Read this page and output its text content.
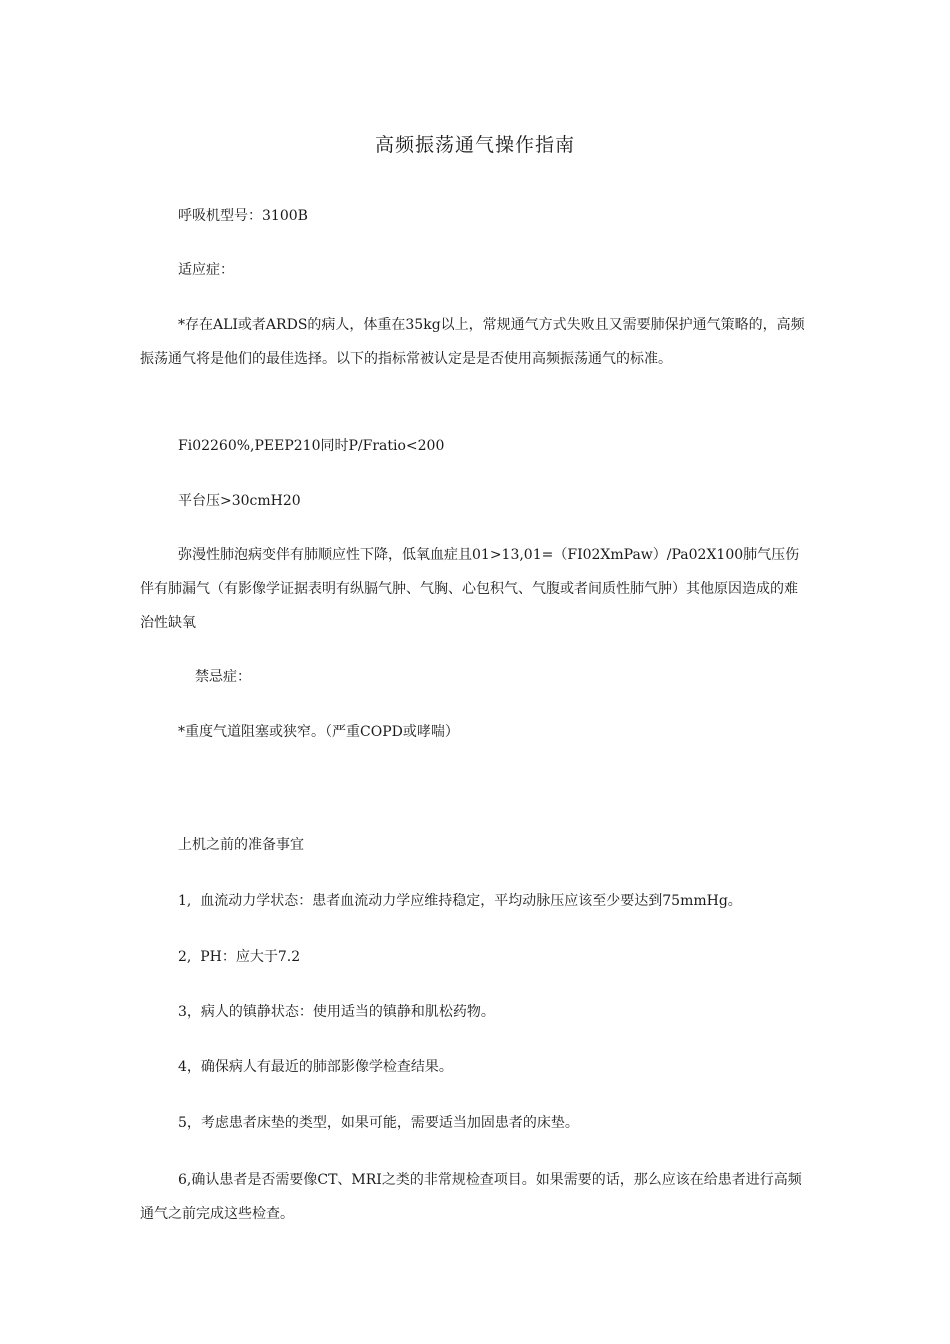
高频振荡通气操作指南

呼吸机型号：3100B

适应症：

*存在ALI或者ARDS的病人，体重在35kg以上，常规通气方式失败且又需要肺保护通气策略的，高频振荡通气将是他们的最佳选择。以下的指标常被认定是是否使用高频振荡通气的标准。

Fi02260%,PEEP210同时P/Fratio<200

平台压>30cmH20

弥漫性肺泡病变伴有肺顺应性下降，低氧血症且01>13,01=（FI02XmPaw）/Pa02X100肺气压伤伴有肺漏气（有影像学证据表明有纵膈气肿、气胸、心包积气、气腹或者间质性肺气肿）其他原因造成的难治性缺氧

禁忌症：

*重度气道阻塞或狭窄。（严重COPD或哮喘）

上机之前的准备事宜

1,  血流动力学状态：患者血流动力学应维持稳定，平均动脉压应该至少要达到75mmHg。

2,  PH：应大于7.2

3，病人的镇静状态：使用适当的镇静和肌松药物。

4，确保病人有最近的肺部影像学检查结果。

5，考虑患者床垫的类型，如果可能，需要适当加固患者的床垫。

6,确认患者是否需要像CT、MRI之类的非常规检查项目。如果需要的话，那么应该在给患者进行高频通气之前完成这些检查。
